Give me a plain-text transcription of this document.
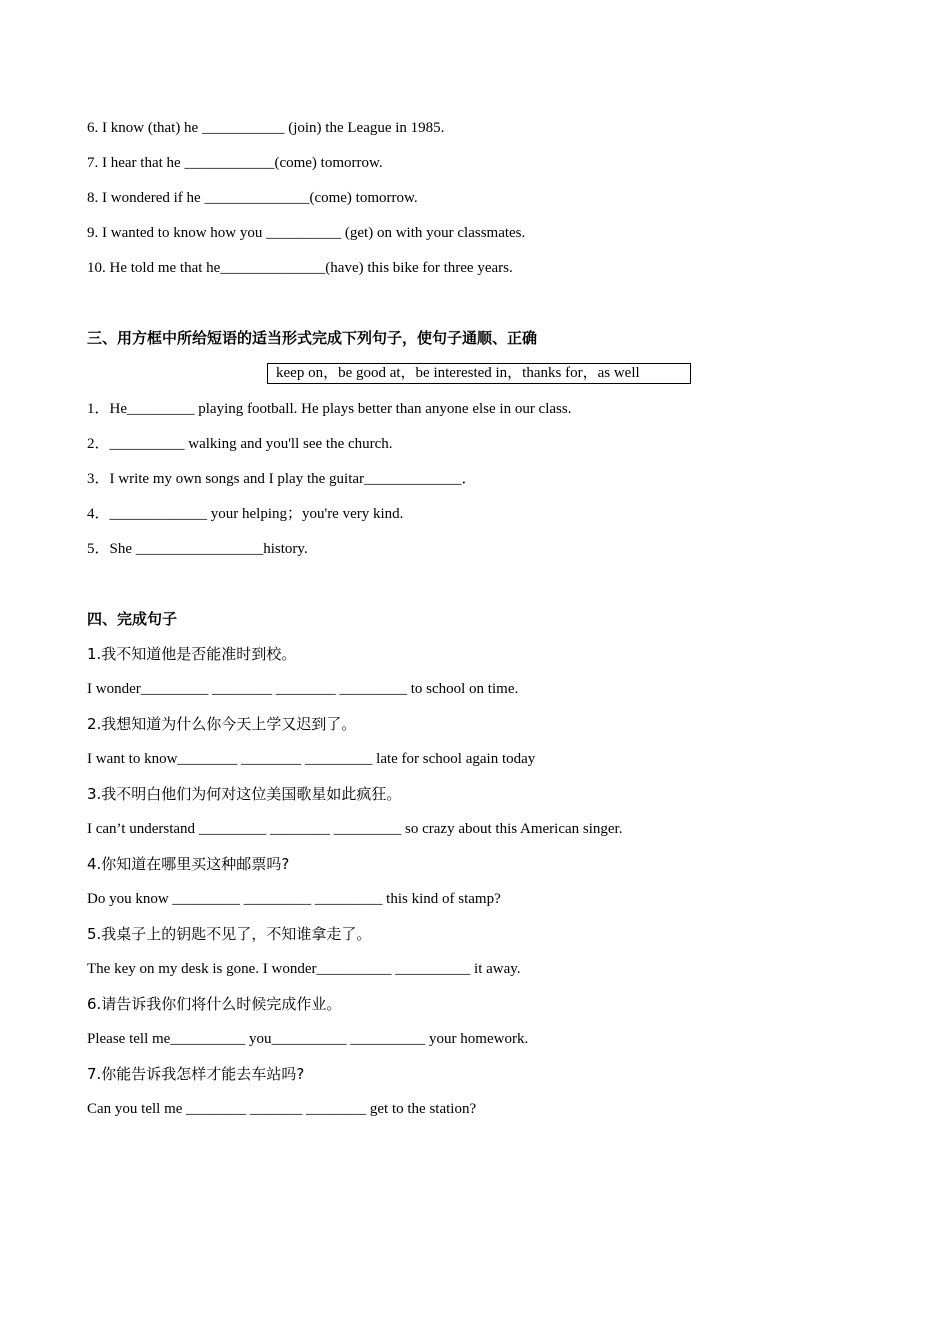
6. I know (that) he ___________ (join) the League in 1985.

7. I hear that he ____________(come) tomorrow.

8. I wondered if he ______________(come) tomorrow.

9. I wanted to know how you __________ (get) on with your classmates.

10. He told me that he______________(have) this bike for three years.

三、用方框中所给短语的适当形式完成下列句子，使句子通顺、正确

keep on，be good at，be interested in，thanks for，as well

1．He_________ playing football. He plays better than anyone else in our class.

2．__________ walking and you'll see the church.

3．I write my own songs and I play the guitar_____________．

4．_____________ your helping；you're very kind.

5．She _________________history.

四、完成句子

1.我不知道他是否能准时到校。

I wonder_________ ________ ________ _________ to school on time.

2.我想知道为什么你今天上学又迟到了。

I want to know________ ________ _________ late for school again today

3.我不明白他们为何对这位美国歌星如此疯狂。

I can’t understand _________ ________ _________ so crazy about this American singer.

4.你知道在哪里买这种邮票吗?

Do you know _________ _________ _________ this kind of stamp?

5.我桌子上的钥匙不见了，不知谁拿走了。

The key on my desk is gone. I wonder__________ __________ it away.

6.请告诉我你们将什么时候完成作业。

Please tell me__________ you__________ __________ your homework.

7.你能告诉我怎样才能去车站吗?

Can you tell me ________ _______ ________ get to the station?
